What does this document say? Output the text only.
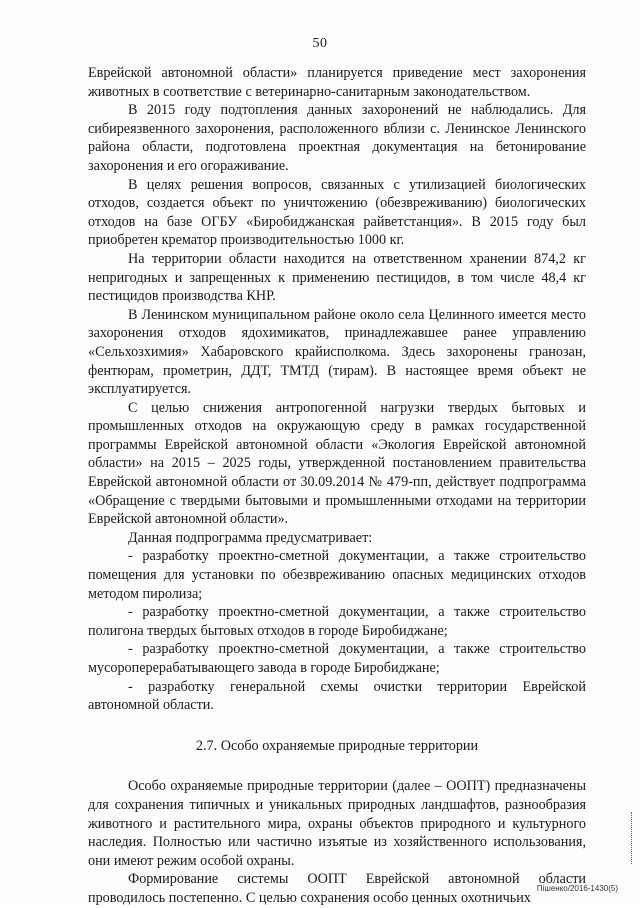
50

Еврейской автономной области» планируется приведение мест захоронения животных в соответствие с ветеринарно-санитарным законодательством.

В 2015 году подтопления данных захоронений не наблюдались. Для сибиреязвенного захоронения, расположенного вблизи с. Ленинское Ленинского района области, подготовлена проектная документация на бетонирование захоронения и его огораживание.

В целях решения вопросов, связанных с утилизацией биологических отходов, создается объект по уничтожению (обезвреживанию) биологических отходов на базе ОГБУ «Биробиджанская райветстанция». В 2015 году был приобретен крематор производительностью 1000 кг.

На территории области находится на ответственном хранении 874,2 кг непригодных и запрещенных к применению пестицидов, в том числе 48,4 кг пестицидов производства КНР.

В Ленинском муниципальном районе около села Целинного имеется место захоронения отходов ядохимикатов, принадлежавшее ранее управлению «Сельхозхимия» Хабаровского крайисполкома. Здесь захоронены гранозан, фентюрам, прометрин, ДДТ, ТМТД (тирам). В настоящее время объект не эксплуатируется.

С целью снижения антропогенной нагрузки твердых бытовых и промышленных отходов на окружающую среду в рамках государственной программы Еврейской автономной области «Экология Еврейской автономной области» на 2015 – 2025 годы, утвержденной постановлением правительства Еврейской автономной области от 30.09.2014 № 479-пп, действует подпрограмма «Обращение с твердыми бытовыми и промышленными отходами на территории Еврейской автономной области».

Данная подпрограмма предусматривает:

- разработку проектно-сметной документации, а также строительство помещения для установки по обезвреживанию опасных медицинских отходов методом пиролиза;

- разработку проектно-сметной документации, а также строительство полигона твердых бытовых отходов в городе Биробиджане;

- разработку проектно-сметной документации, а также строительство мусороперерабатывающего завода в городе Биробиджане;

- разработку генеральной схемы очистки территории Еврейской автономной области.

2.7. Особо охраняемые природные территории

Особо охраняемые природные территории (далее – ООПТ) предназначены для сохранения типичных и уникальных природных ландшафтов, разнообразия животного и растительного мира, охраны объектов природного и культурного наследия. Полностью или частично изъятые из хозяйственного использования, они имеют режим особой охраны.

Формирование системы ООПТ Еврейской автономной области проводилось постепенно. С целью сохранения особо ценных охотничьих

Пішенко/2016-1430(5)
